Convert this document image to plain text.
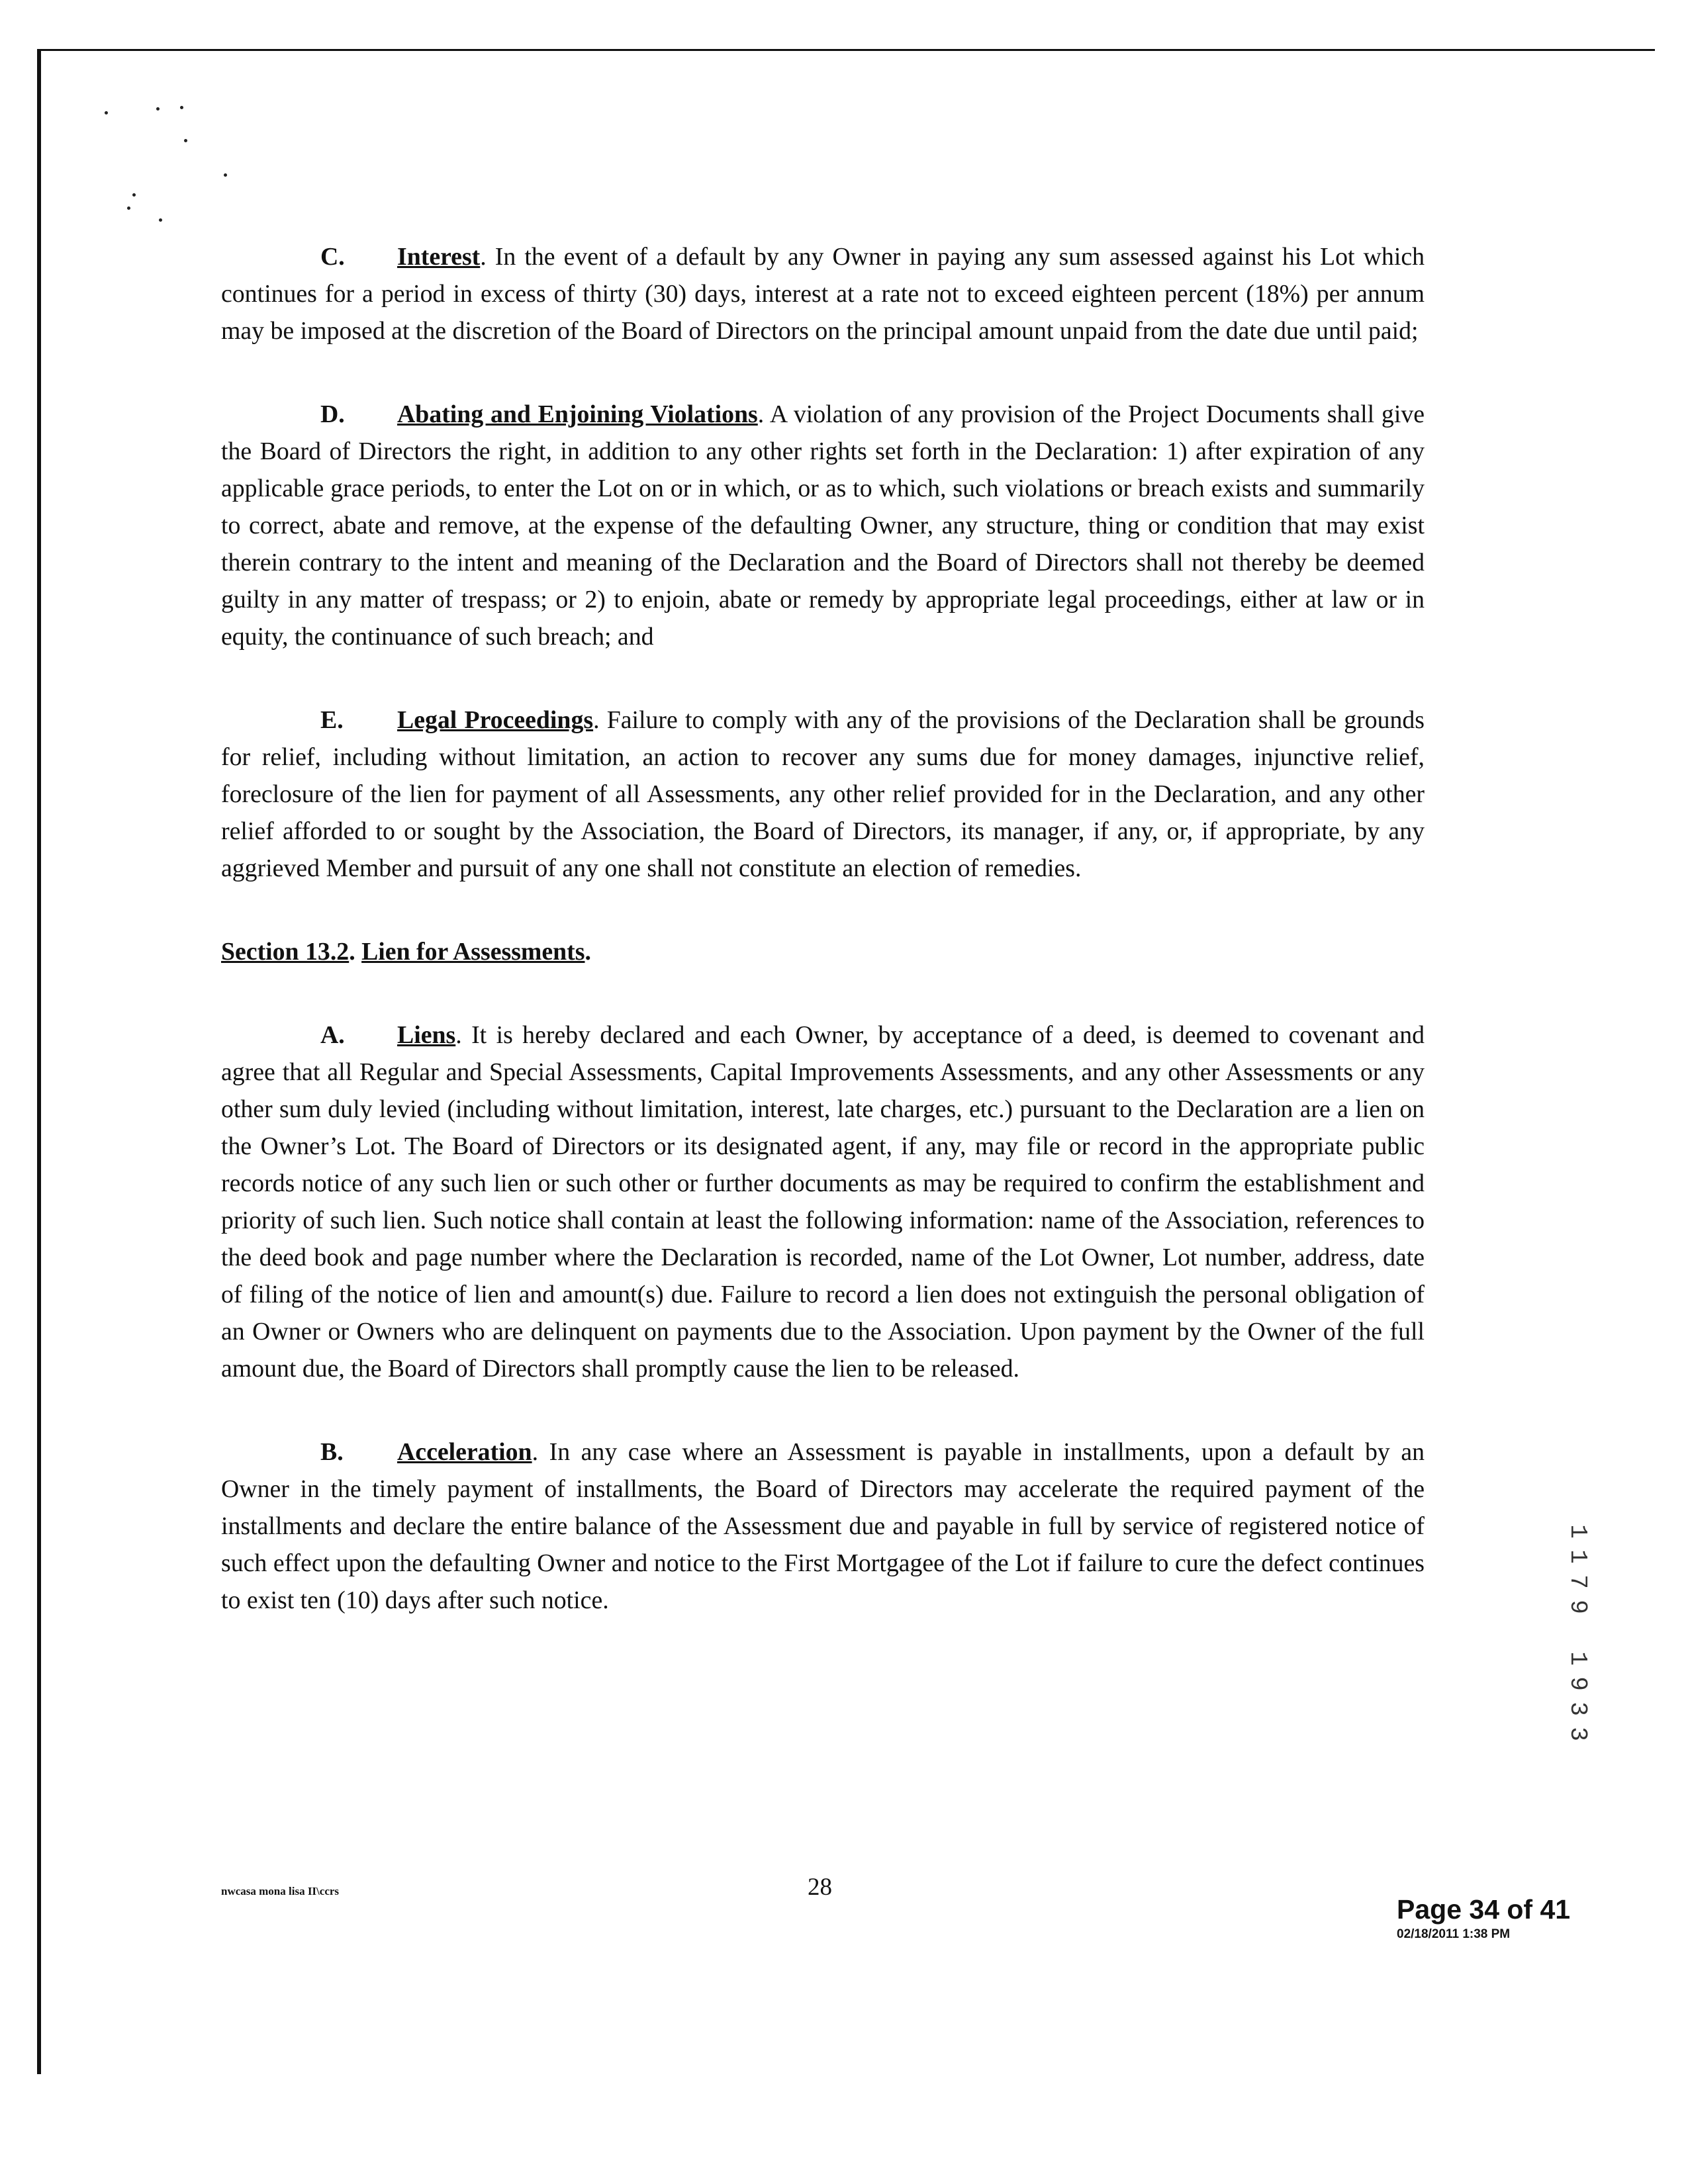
C. Interest. In the event of a default by any Owner in paying any sum assessed against his Lot which continues for a period in excess of thirty (30) days, interest at a rate not to exceed eighteen percent (18%) per annum may be imposed at the discretion of the Board of Directors on the principal amount unpaid from the date due until paid;

D. Abating and Enjoining Violations. A violation of any provision of the Project Documents shall give the Board of Directors the right, in addition to any other rights set forth in the Declaration: 1) after expiration of any applicable grace periods, to enter the Lot on or in which, or as to which, such violations or breach exists and summarily to correct, abate and remove, at the expense of the defaulting Owner, any structure, thing or condition that may exist therein contrary to the intent and meaning of the Declaration and the Board of Directors shall not thereby be deemed guilty in any matter of trespass; or 2) to enjoin, abate or remedy by appropriate legal proceedings, either at law or in equity, the continuance of such breach; and

E. Legal Proceedings. Failure to comply with any of the provisions of the Declaration shall be grounds for relief, including without limitation, an action to recover any sums due for money damages, injunctive relief, foreclosure of the lien for payment of all Assessments, any other relief provided for in the Declaration, and any other relief afforded to or sought by the Association, the Board of Directors, its manager, if any, or, if appropriate, by any aggrieved Member and pursuit of any one shall not constitute an election of remedies.

Section 13.2. Lien for Assessments.

A. Liens. It is hereby declared and each Owner, by acceptance of a deed, is deemed to covenant and agree that all Regular and Special Assessments, Capital Improvements Assessments, and any other Assessments or any other sum duly levied (including without limitation, interest, late charges, etc.) pursuant to the Declaration are a lien on the Owner’s Lot. The Board of Directors or its designated agent, if any, may file or record in the appropriate public records notice of any such lien or such other or further documents as may be required to confirm the establishment and priority of such lien. Such notice shall contain at least the following information: name of the Association, references to the deed book and page number where the Declaration is recorded, name of the Lot Owner, Lot number, address, date of filing of the notice of lien and amount(s) due. Failure to record a lien does not extinguish the personal obligation of an Owner or Owners who are delinquent on payments due to the Association. Upon payment by the Owner of the full amount due, the Board of Directors shall promptly cause the lien to be released.

B. Acceleration. In any case where an Assessment is payable in installments, upon a default by an Owner in the timely payment of installments, the Board of Directors may accelerate the required payment of the installments and declare the entire balance of the Assessment due and payable in full by service of registered notice of such effect upon the defaulting Owner and notice to the First Mortgagee of the Lot if failure to cure the defect continues to exist ten (10) days after such notice.

1
1
7
9
1
9
3
3
nwcasa mona lisa II\ccrs	28
Page 34 of 41
02/18/2011 1:38 PM
